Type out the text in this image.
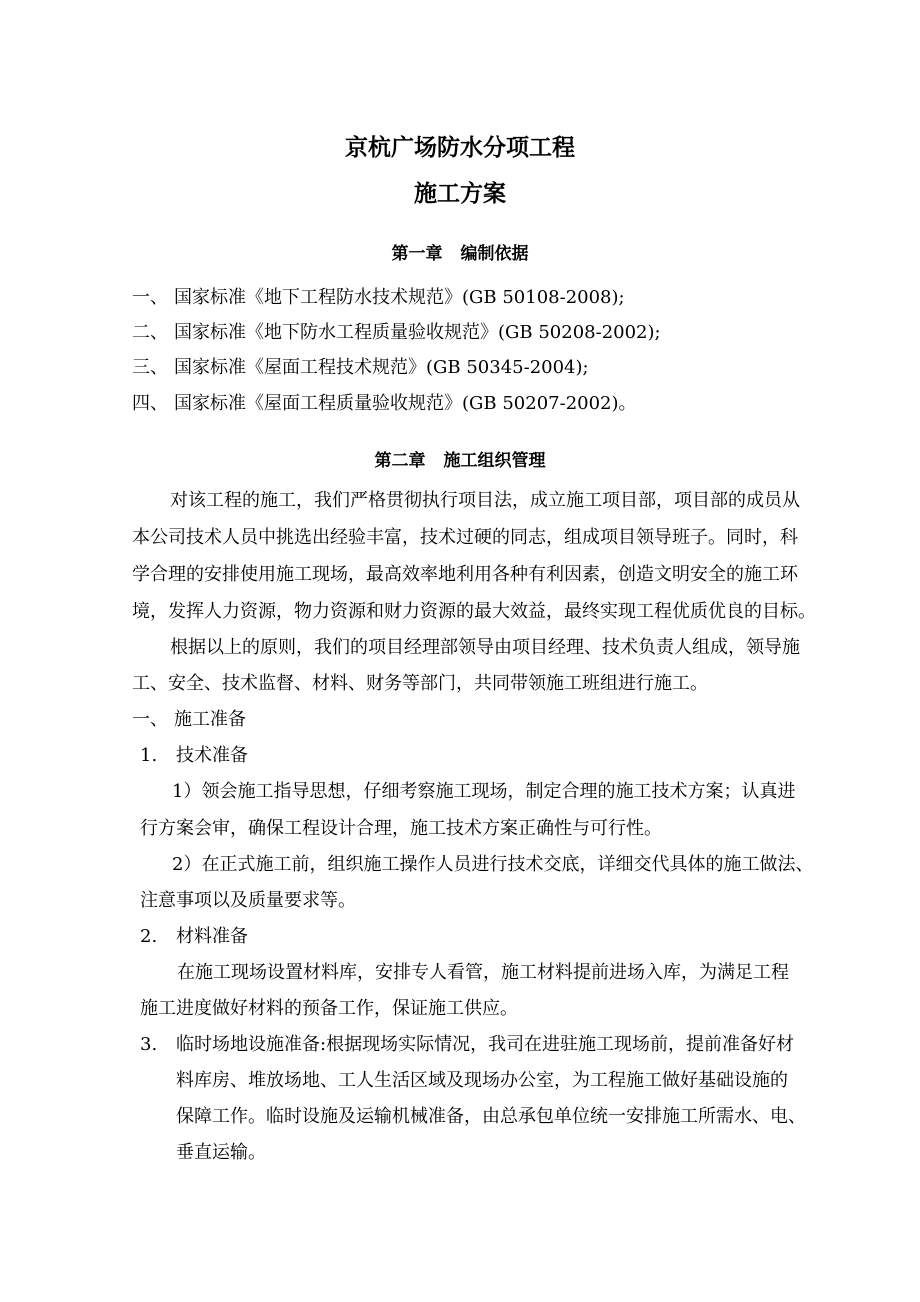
京杭广场防水分项工程
施工方案
第一章 编制依据
一、 国家标准《地下工程防水技术规范》(GB 50108-2008);
二、 国家标准《地下防水工程质量验收规范》(GB 50208-2002);
三、 国家标准《屋面工程技术规范》(GB 50345-2004);
四、 国家标准《屋面工程质量验收规范》(GB 50207-2002)。
第二章 施工组织管理
对该工程的施工，我们严格贯彻执行项目法，成立施工项目部，项目部的成员从
本公司技术人员中挑选出经验丰富，技术过硬的同志，组成项目领导班子。同时，科
学合理的安排使用施工现场，最高效率地利用各种有利因素，创造文明安全的施工环
境，发挥人力资源，物力资源和财力资源的最大效益，最终实现工程优质优良的目标。
根据以上的原则，我们的项目经理部领导由项目经理、技术负责人组成，领导施
工、安全、技术监督、材料、财务等部门，共同带领施工班组进行施工。
一、 施工准备
1. 技术准备
1）领会施工指导思想，仔细考察施工现场，制定合理的施工技术方案；认真进
行方案会审，确保工程设计合理，施工技术方案正确性与可行性。
2）在正式施工前，组织施工操作人员进行技术交底，详细交代具体的施工做法、
注意事项以及质量要求等。
2. 材料准备
在施工现场设置材料库，安排专人看管，施工材料提前进场入库，为满足工程
施工进度做好材料的预备工作，保证施工供应。
3. 临时场地设施准备:根据现场实际情况，我司在进驻施工现场前，提前准备好材
料库房、堆放场地、工人生活区域及现场办公室，为工程施工做好基础设施的
保障工作。临时设施及运输机械准备，由总承包单位统一安排施工所需水、电、
垂直运输。
